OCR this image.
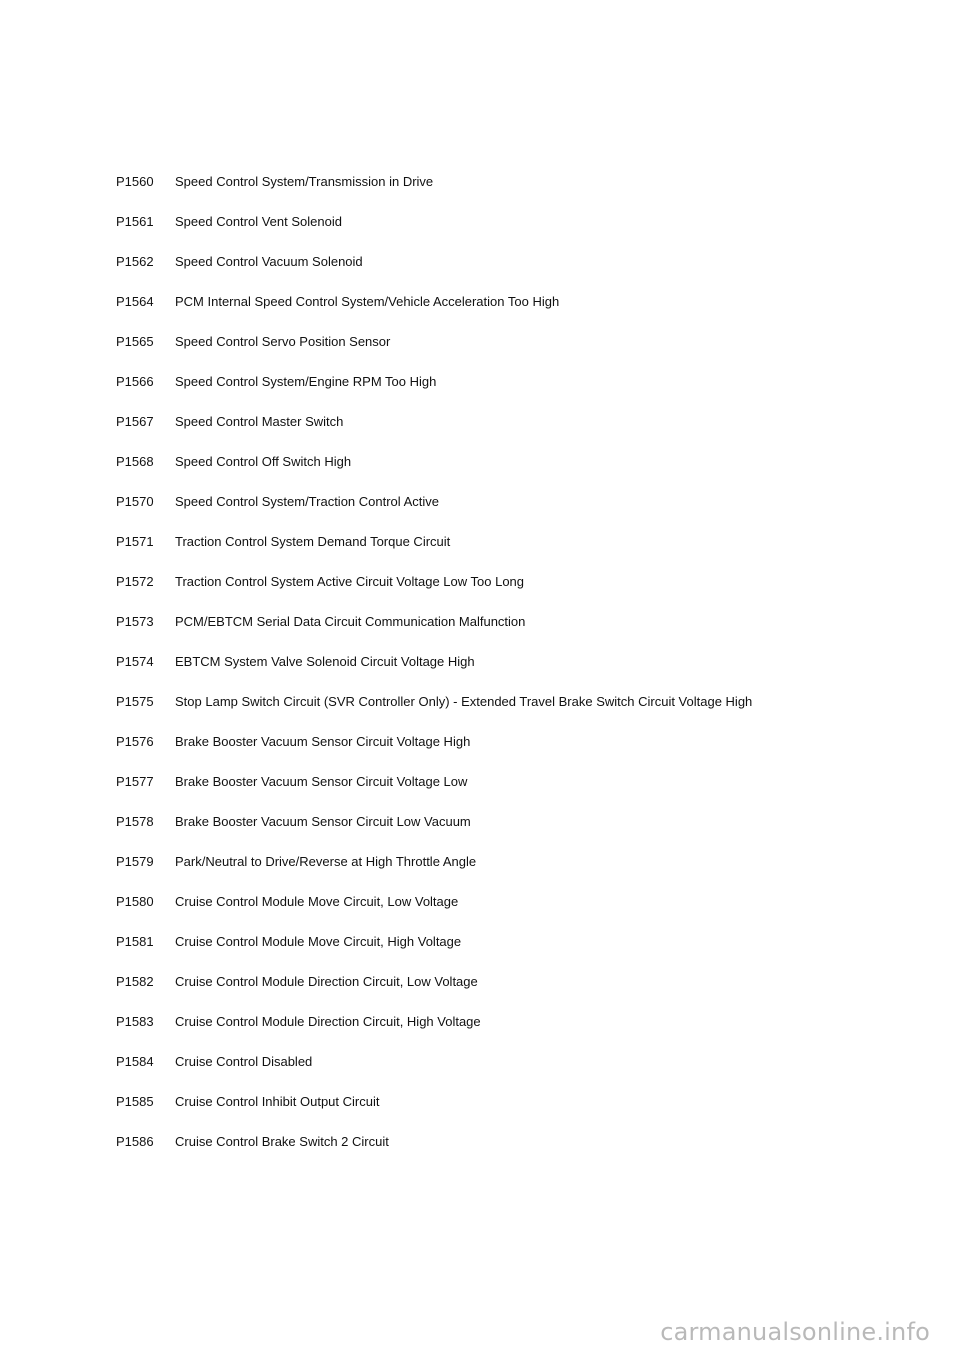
P1560	Speed Control System/Transmission in Drive
P1561	Speed Control Vent Solenoid
P1562	Speed Control Vacuum Solenoid
P1564	PCM Internal Speed Control System/Vehicle Acceleration Too High
P1565	Speed Control Servo Position Sensor
P1566	Speed Control System/Engine RPM Too High
P1567	Speed Control Master Switch
P1568	Speed Control Off Switch High
P1570	Speed Control System/Traction Control Active
P1571	Traction Control System Demand Torque Circuit
P1572	Traction Control System Active Circuit Voltage Low Too Long
P1573	PCM/EBTCM Serial Data Circuit Communication Malfunction
P1574	EBTCM System Valve Solenoid Circuit Voltage High
P1575 Stop Lamp Switch Circuit (SVR Controller Only) - Extended Travel Brake Switch Circuit Voltage High
P1576	Brake Booster Vacuum Sensor Circuit Voltage High
P1577	Brake Booster Vacuum Sensor Circuit Voltage Low
P1578	Brake Booster Vacuum Sensor Circuit Low Vacuum
P1579	Park/Neutral to Drive/Reverse at High Throttle Angle
P1580	Cruise Control Module Move Circuit, Low Voltage
P1581	Cruise Control Module Move Circuit, High Voltage
P1582	Cruise Control Module Direction Circuit, Low Voltage
P1583	Cruise Control Module Direction Circuit, High Voltage
P1584	Cruise Control Disabled
P1585	Cruise Control Inhibit Output Circuit
P1586	Cruise Control Brake Switch 2 Circuit
carmanualsonline.info
